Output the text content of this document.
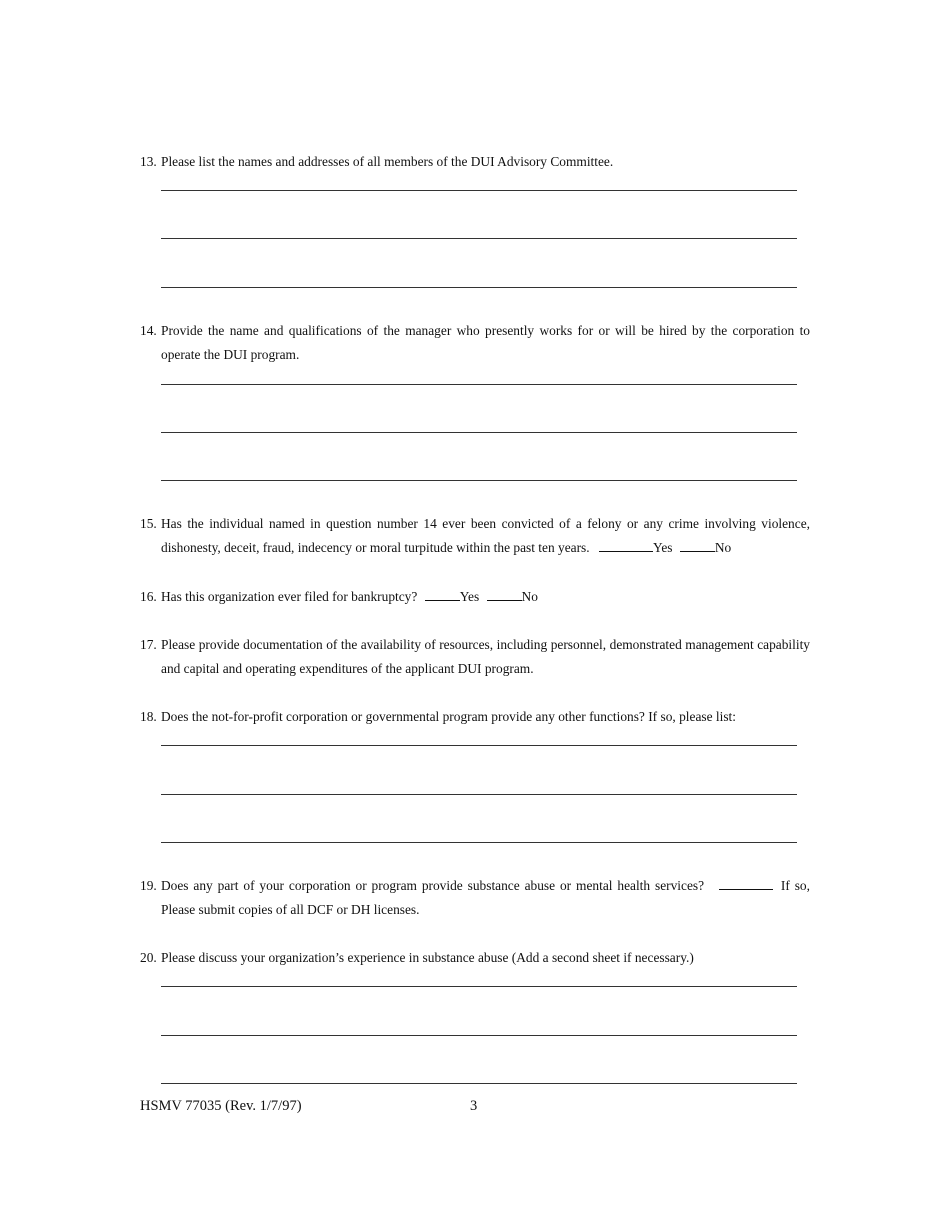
13. Please list the names and addresses of all members of the DUI Advisory Committee.
14. Provide the name and qualifications of the manager who presently works for or will be hired by the corporation to operate the DUI program.
15. Has the individual named in question number 14 ever been convicted of a felony or any crime involving violence, dishonesty, deceit, fraud, indecency or moral turpitude within the past ten years.	Yes	No
16. Has this organization ever filed for bankruptcy?	Yes	No
17. Please provide documentation of the availability of resources, including personnel, demonstrated management capability and capital and operating expenditures of the applicant DUI program.
18. Does the not-for-profit corporation or governmental program provide any other functions? If so, please list:
19. Does any part of your corporation or program provide substance abuse or mental health services?	If so, Please submit copies of all DCF or DH licenses.
20. Please discuss your organization’s experience in substance abuse (Add a second sheet if necessary.)
HSMV 77035 (Rev. 1/7/97)	3
